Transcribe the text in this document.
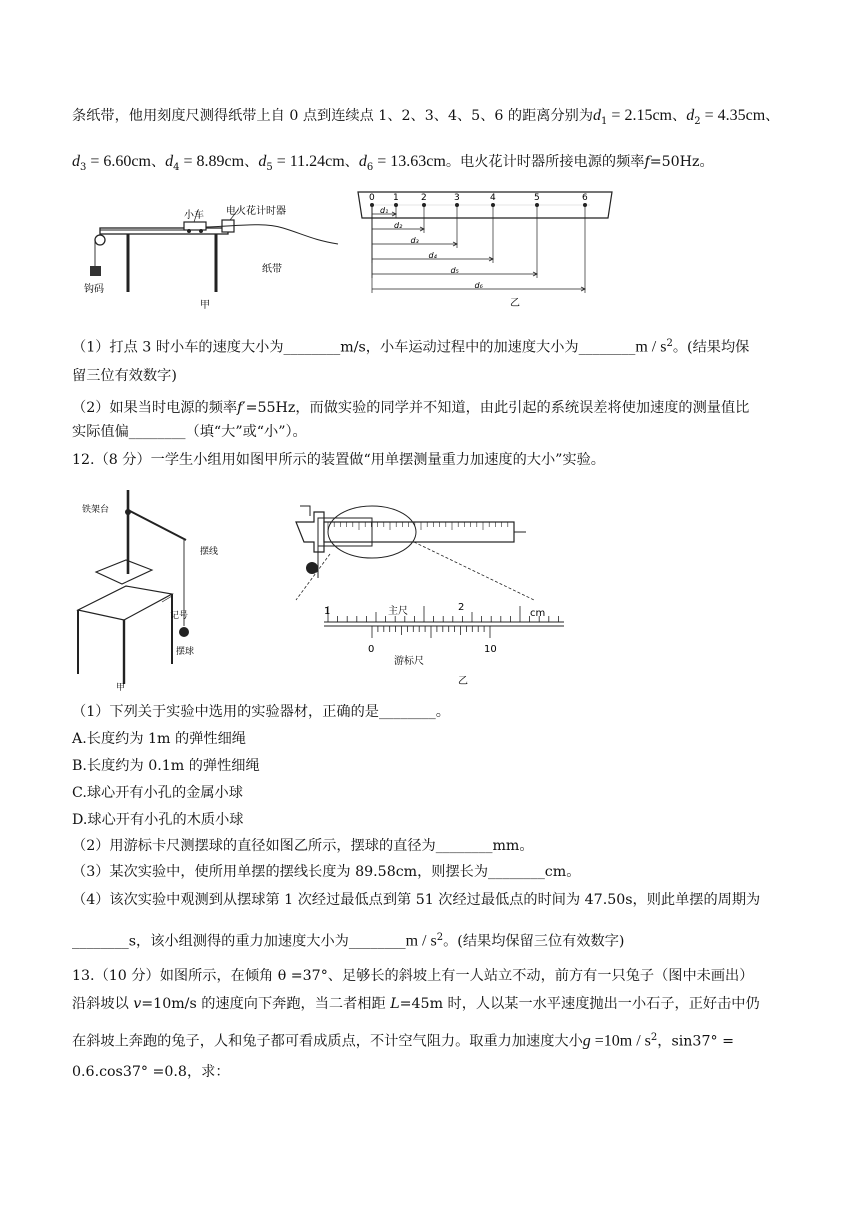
条纸带，他用刻度尺测得纸带上自 0 点到连续点 1、2、3、4、5、6 的距离分别为$d_1 = 2.15cm$、$d_2 = 4.35cm$、
$d_3 = 6.60cm$、$d_4 = 8.89cm$、$d_5 = 11.24cm$、$d_6 = 13.63cm$。电火花计时器所接电源的频率f=50Hz。
小车 电火花计时器
钩码
纸带
甲
0 1 2	3	4	5	6
d₁
d₂
d₃
d₄
d₅
d₆
乙
（1）打点 3 时小车的速度大小为________m/s，小车运动过程中的加速度大小为________m / $s^2$。(结果均保
留三位有效数字)
（2）如果当时电源的频率f′=55Hz，而做实验的同学并不知道，由此引起的系统误差将使加速度的测量值比
实际值偏________（填“大”或“小”）。
12.（8 分）一学生小组用如图甲所示的装置做“用单摆测量重力加速度的大小”实验。
铁架台
摆线
记号
摆球
甲
1	主尺	2
cm
0	10
游标尺
乙
（1）下列关于实验中选用的实验器材，正确的是________。
A.长度约为 1m 的弹性细绳
B.长度约为 0.1m 的弹性细绳
C.球心开有小孔的金属小球
D.球心开有小孔的木质小球
（2）用游标卡尺测摆球的直径如图乙所示，摆球的直径为________mm。
（3）某次实验中，使所用单摆的摆线长度为 89.58cm，则摆长为________cm。
（4）该次实验中观测到从摆球第 1 次经过最低点到第 51 次经过最低点的时间为 47.50s，则此单摆的周期为
________s，该小组测得的重力加速度大小为________m / $s^2$。(结果均保留三位有效数字)
13.（10 分）如图所示，在倾角 θ =37°、足够长的斜坡上有一人站立不动，前方有一只兔子（图中未画出）
沿斜坡以 v=10m/s 的速度向下奔跑，当二者相距 L=45m 时，人以某一水平速度抛出一小石子，正好击中仍
在斜坡上奔跑的兔子，人和兔子都可看成质点，不计空气阻力。取重力加速度大小$g =10m / s^2$，sin37° =
0.6.cos37° =0.8，求：
